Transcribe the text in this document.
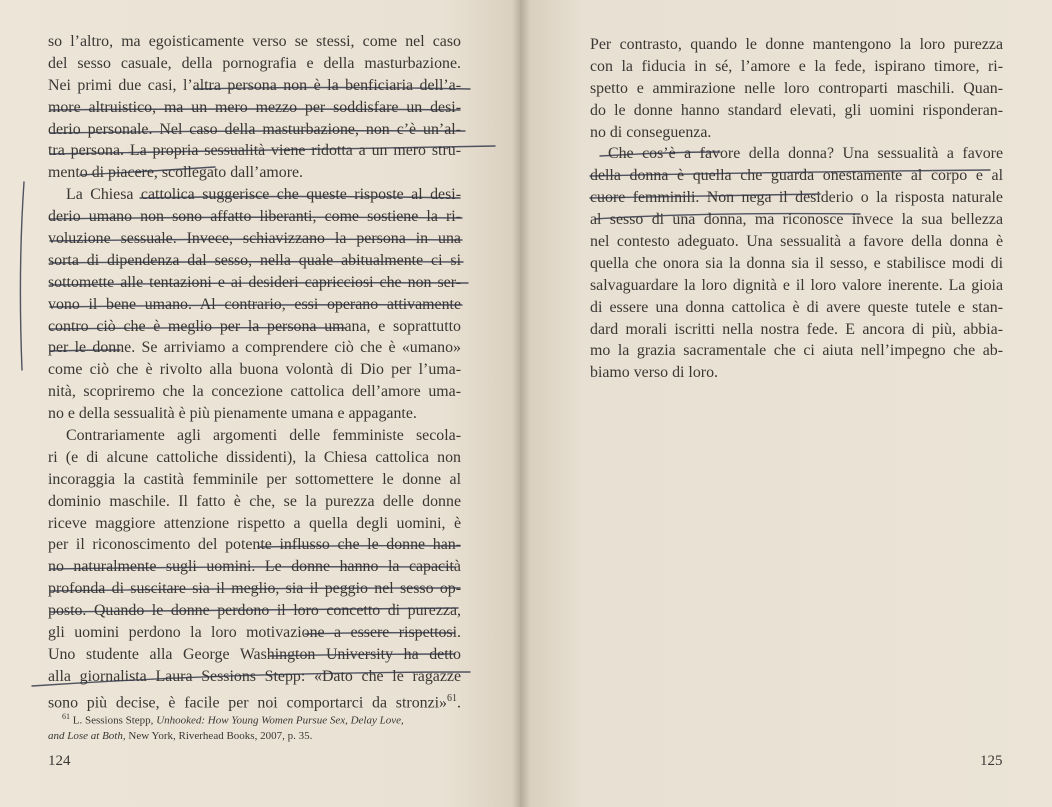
so l’altro, ma egoisticamente verso se stessi, come nel caso
del sesso casuale, della pornografia e della masturbazione.
Nei primi due casi, l’altra persona non è la benficiaria dell’a-
more altruistico, ma un mero mezzo per soddisfare un desi-
derio personale. Nel caso della masturbazione, non c’è un’al-
tra persona. La propria sessualità viene ridotta a un mero stru-
mento di piacere, scollegato dall’amore.
La Chiesa cattolica suggerisce che queste risposte al desi-
derio umano non sono affatto liberanti, come sostiene la ri-
voluzione sessuale. Invece, schiavizzano la persona in una
sorta di dipendenza dal sesso, nella quale abitualmente ci si
sottomette alle tentazioni e ai desideri capricciosi che non ser-
vono il bene umano. Al contrario, essi operano attivamente
contro ciò che è meglio per la persona umana, e soprattutto
per le donne. Se arriviamo a comprendere ciò che è «umano»
come ciò che è rivolto alla buona volontà di Dio per l’uma-
nità, scopriremo che la concezione cattolica dell’amore uma-
no e della sessualità è più pienamente umana e appagante.
Contrariamente agli argomenti delle femministe secola-
ri (e di alcune cattoliche dissidenti), la Chiesa cattolica non
incoraggia la castità femminile per sottomettere le donne al
dominio maschile. Il fatto è che, se la purezza delle donne
riceve maggiore attenzione rispetto a quella degli uomini, è
per il riconoscimento del potente influsso che le donne han-
no naturalmente sugli uomini. Le donne hanno la capacità
profonda di suscitare sia il meglio, sia il peggio nel sesso op-
posto. Quando le donne perdono il loro concetto di purezza,
gli uomini perdono la loro motivazione a essere rispettosi.
Uno studente alla George Washington University ha detto
alla giornalista Laura Sessions Stepp: «Dato che le ragazze
sono più decise, è facile per noi comportarci da stronzi»$^{61}$.
$^{61}$ L. Sessions Stepp, Unhooked: How Young Women Pursue Sex, Delay Love,
and Lose at Both, New York, Riverhead Books, 2007, p. 35.
124
Per contrasto, quando le donne mantengono la loro purezza
con la fiducia in sé, l’amore e la fede, ispirano timore, ri-
spetto e ammirazione nelle loro controparti maschili. Quan-
do le donne hanno standard elevati, gli uomini risponderan-
no di conseguenza.
Che cos’è a favore della donna? Una sessualità a favore
della donna è quella che guarda onestamente al corpo e al
cuore femminili. Non nega il desiderio o la risposta naturale
al sesso di una donna, ma riconosce invece la sua bellezza
nel contesto adeguato. Una sessualità a favore della donna è
quella che onora sia la donna sia il sesso, e stabilisce modi di
salvaguardare la loro dignità e il loro valore inerente. La gioia
di essere una donna cattolica è di avere queste tutele e stan-
dard morali iscritti nella nostra fede. E ancora di più, abbia-
mo la grazia sacramentale che ci aiuta nell’impegno che ab-
biamo verso di loro.
125
